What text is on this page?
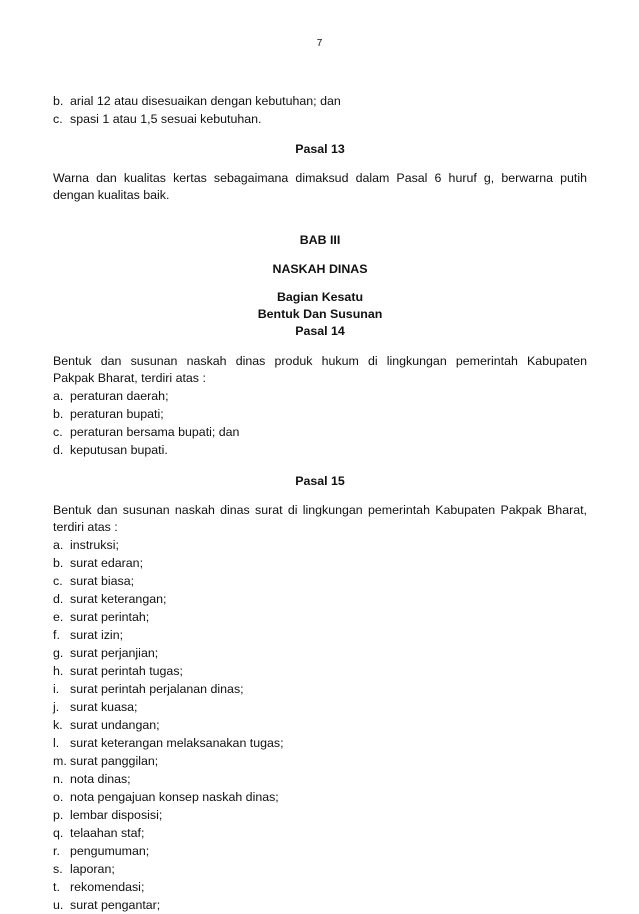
7
b. arial 12 atau disesuaikan dengan kebutuhan; dan
c. spasi 1 atau 1,5 sesuai kebutuhan.
Pasal 13
Warna dan kualitas kertas sebagaimana dimaksud dalam Pasal 6 huruf g, berwarna putih
dengan kualitas baik.
BAB III
NASKAH DINAS
Bagian Kesatu
Bentuk Dan Susunan
Pasal 14
Bentuk dan susunan naskah dinas produk hukum di lingkungan pemerintah Kabupaten
Pakpak Bharat, terdiri atas :
a. peraturan daerah;
b. peraturan bupati;
c. peraturan bersama bupati; dan
d. keputusan bupati.
Pasal 15
Bentuk dan susunan naskah dinas surat di lingkungan pemerintah Kabupaten Pakpak Bharat,
terdiri atas :
a. instruksi;
b. surat edaran;
c. surat biasa;
d. surat keterangan;
e. surat perintah;
f. surat izin;
g. surat perjanjian;
h. surat perintah tugas;
i. surat perintah perjalanan dinas;
j. surat kuasa;
k. surat undangan;
l. surat keterangan melaksanakan tugas;
m. surat panggilan;
n. nota dinas;
o. nota pengajuan konsep naskah dinas;
p. lembar disposisi;
q. telaahan staf;
r. pengumuman;
s. laporan;
t. rekomendasi;
u. surat pengantar;
